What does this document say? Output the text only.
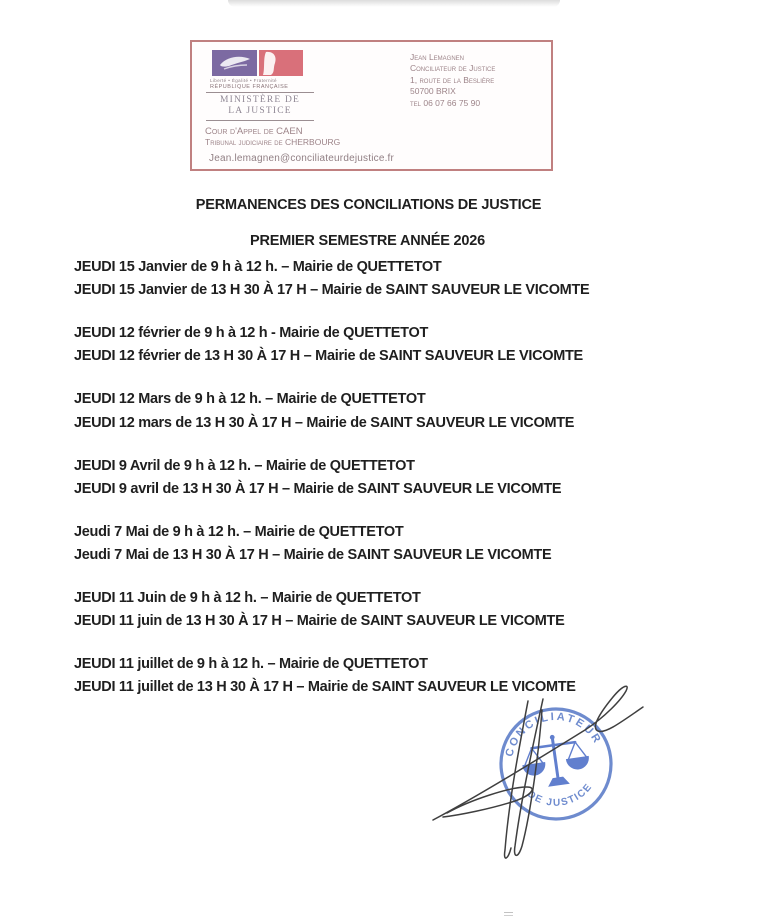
Liberté • Égalité • Fraternité
RÉPUBLIQUE FRANÇAISE
MINISTÈRE DE
LA JUSTICE
Jean Lemagnen
Conciliateur de Justice
1, route de la Beslière
50700 BRIX
tel 06 07 66 75 90
Cour d'Appel de CAEN
Tribunal judiciaire de CHERBOURG
Jean.lemagnen@conciliateurdejustice.fr
PERMANENCES DES CONCILIATIONS DE JUSTICE
PREMIER SEMESTRE ANNÉE 2026
JEUDI 15 Janvier de 9 h à 12 h. – Mairie de QUETTETOT
JEUDI 15 Janvier de 13 H 30 À 17 H – Mairie de SAINT SAUVEUR LE VICOMTE
JEUDI 12 février de 9 h à 12 h - Mairie de QUETTETOT
JEUDI 12 février de 13 H 30 À 17 H – Mairie de SAINT SAUVEUR LE VICOMTE
JEUDI 12 Mars de 9 h à 12 h. – Mairie de QUETTETOT
JEUDI 12 mars de 13 H 30 À 17 H – Mairie de SAINT SAUVEUR LE VICOMTE
JEUDI 9 Avril de 9 h à 12 h. – Mairie de QUETTETOT
JEUDI 9 avril de 13 H 30 À 17 H – Mairie de SAINT SAUVEUR LE VICOMTE
Jeudi 7 Mai de 9 h à 12 h. – Mairie de QUETTETOT
Jeudi 7 Mai de 13 H 30 À 17 H – Mairie de SAINT SAUVEUR LE VICOMTE
JEUDI 11 Juin de 9 h à 12 h. – Mairie de QUETTETOT
JEUDI 11 juin de 13 H 30 À 17 H – Mairie de SAINT SAUVEUR LE VICOMTE
JEUDI 11 juillet de 9 h à 12 h. – Mairie de QUETTETOT
JEUDI 11 juillet de 13 H 30 À 17 H – Mairie de SAINT SAUVEUR LE VICOMTE
CONCILIATEUR
DE JUSTICE
